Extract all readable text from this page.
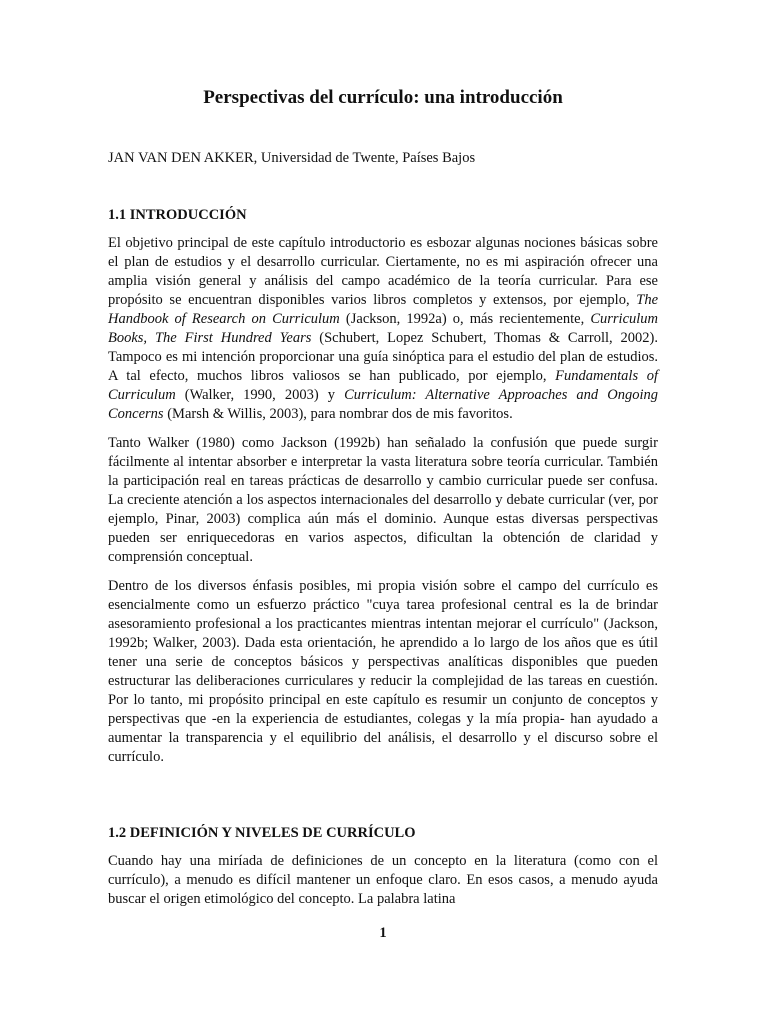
Perspectivas del currículo: una introducción

JAN VAN DEN AKKER, Universidad de Twente, Países Bajos

1.1 INTRODUCCIÓN

El objetivo principal de este capítulo introductorio es esbozar algunas nociones básicas sobre el plan de estudios y el desarrollo curricular. Ciertamente, no es mi aspiración ofrecer una amplia visión general y análisis del campo académico de la teoría curricular. Para ese propósito se encuentran disponibles varios libros completos y extensos, por ejemplo, The Handbook of Research on Curriculum (Jackson, 1992a) o, más recientemente, Curriculum Books, The First Hundred Years (Schubert, Lopez Schubert, Thomas & Carroll, 2002). Tampoco es mi intención proporcionar una guía sinóptica para el estudio del plan de estudios. A tal efecto, muchos libros valiosos se han publicado, por ejemplo, Fundamentals of Curriculum (Walker, 1990, 2003) y Curriculum: Alternative Approaches and Ongoing Concerns (Marsh & Willis, 2003), para nombrar dos de mis favoritos.

Tanto Walker (1980) como Jackson (1992b) han señalado la confusión que puede surgir fácilmente al intentar absorber e interpretar la vasta literatura sobre teoría curricular. También la participación real en tareas prácticas de desarrollo y cambio curricular puede ser confusa. La creciente atención a los aspectos internacionales del desarrollo y debate curricular (ver, por ejemplo, Pinar, 2003) complica aún más el dominio. Aunque estas diversas perspectivas pueden ser enriquecedoras en varios aspectos, dificultan la obtención de claridad y comprensión conceptual.

Dentro de los diversos énfasis posibles, mi propia visión sobre el campo del currículo es esencialmente como un esfuerzo práctico "cuya tarea profesional central es la de brindar asesoramiento profesional a los practicantes mientras intentan mejorar el currículo" (Jackson, 1992b; Walker, 2003). Dada esta orientación, he aprendido a lo largo de los años que es útil tener una serie de conceptos básicos y perspectivas analíticas disponibles que pueden estructurar las deliberaciones curriculares y reducir la complejidad de las tareas en cuestión. Por lo tanto, mi propósito principal en este capítulo es resumir un conjunto de conceptos y perspectivas que -en la experiencia de estudiantes, colegas y la mía propia- han ayudado a aumentar la transparencia y el equilibrio del análisis, el desarrollo y el discurso sobre el currículo.

1.2 DEFINICIÓN Y NIVELES DE CURRÍCULO

Cuando hay una miríada de definiciones de un concepto en la literatura (como con el currículo), a menudo es difícil mantener un enfoque claro. En esos casos, a menudo ayuda buscar el origen etimológico del concepto. La palabra latina

1
